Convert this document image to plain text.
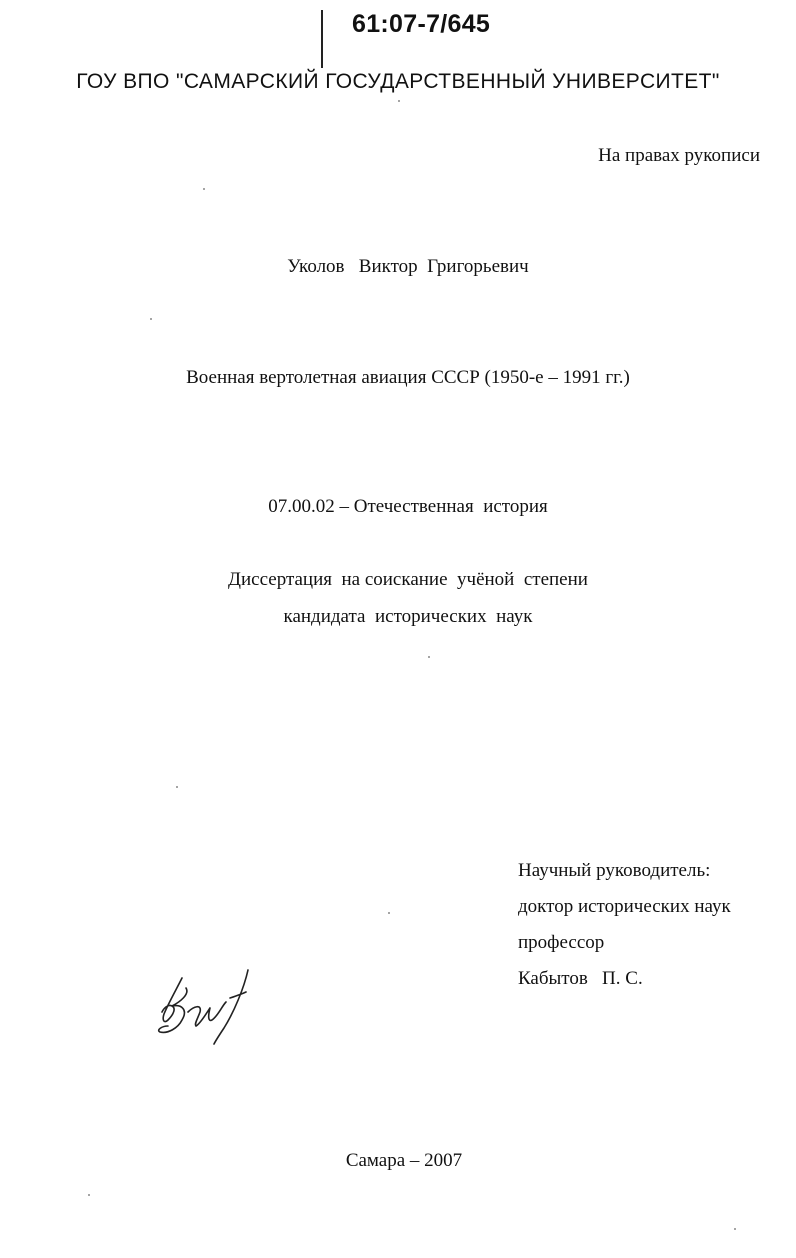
61:07-7/645
ГОУ ВПО "САМАРСКИЙ ГОСУДАРСТВЕННЫЙ УНИВЕРСИТЕТ"
На правах рукописи
Уколов   Виктор  Григорьевич
Военная вертолетная авиация СССР (1950-е – 1991 гг.)
07.00.02 – Отечественная  история
Диссертация  на соискание  учёной  степени
кандидата  исторических  наук
Научный руководитель:
доктор исторических наук
профессор
Кабытов   П. С.
Самара – 2007
